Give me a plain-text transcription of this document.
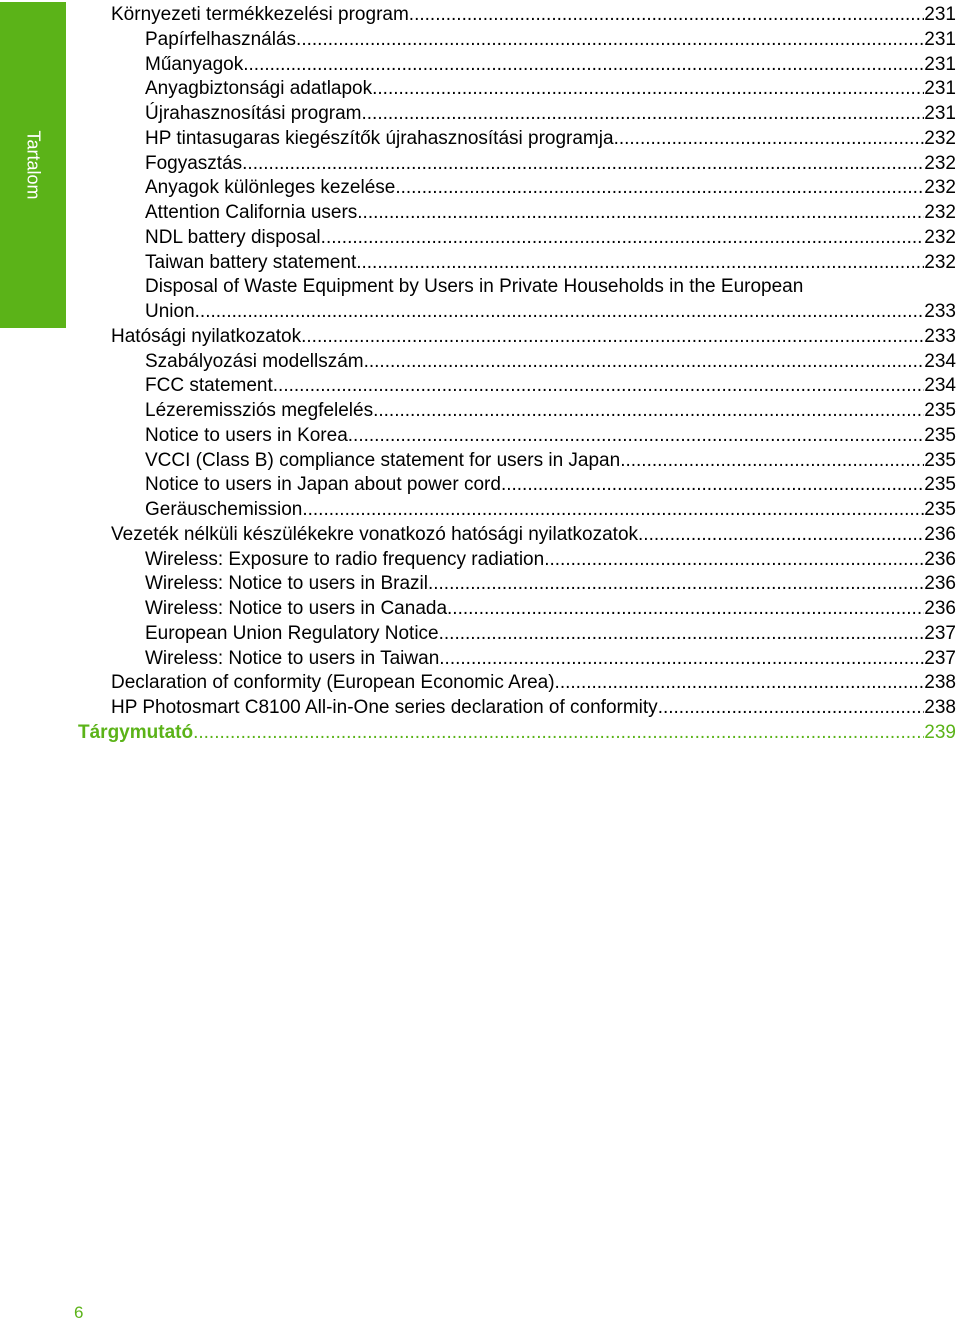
Tartalom
Környezeti termékkezelési program .....	231
Papírfelhasználás .....	231
Műanyagok .....	231
Anyagbiztonsági adatlapok .....	231
Újrahasznosítási program .....	231
HP tintasugaras kiegészítők újrahasznosítási programja .....	232
Fogyasztás .....	232
Anyagok különleges kezelése .....	232
Attention California users .....	232
NDL battery disposal .....	232
Taiwan battery statement .....	232
Disposal of Waste Equipment by Users in Private Households in the European
Union .....	233
Hatósági nyilatkozatok .....	233
Szabályozási modellszám .....	234
FCC statement .....	234
Lézeremissziós megfelelés .....	235
Notice to users in Korea .....	235
VCCI (Class B) compliance statement for users in Japan .....	235
Notice to users in Japan about power cord .....	235
Geräuschemission .....	235
Vezeték nélküli készülékekre vonatkozó hatósági nyilatkozatok .....	236
Wireless: Exposure to radio frequency radiation .....	236
Wireless: Notice to users in Brazil .....	236
Wireless: Notice to users in Canada .....	236
European Union Regulatory Notice .....	237
Wireless: Notice to users in Taiwan .....	237
Declaration of conformity (European Economic Area) .....	238
HP Photosmart C8100 All-in-One series declaration of conformity .....	238
Tárgymutató .....	239
6
